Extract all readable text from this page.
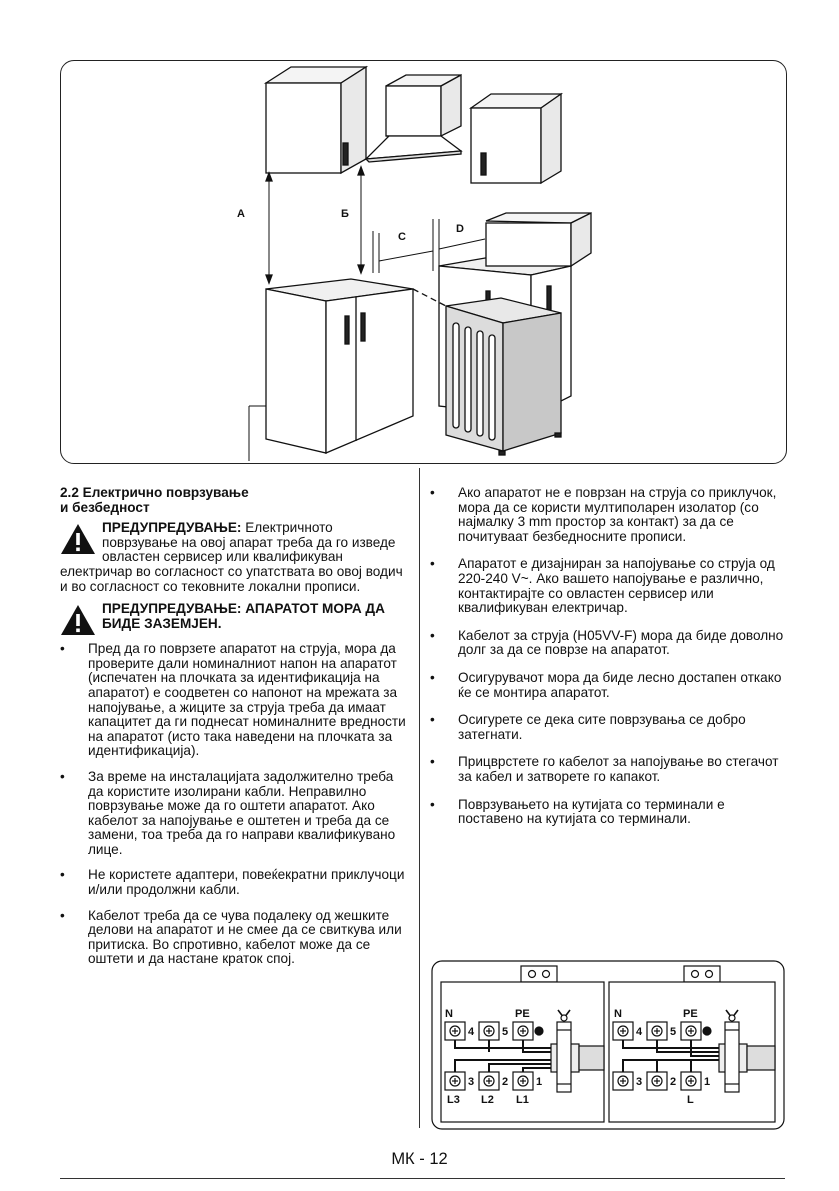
A	Б
C
D
2.2 Електрично поврзување
и безбедност
ПРЕДУПРЕДУВАЊЕ: Електричното поврзување на овој апарат треба да го изведе овластен сервисер или квалификуван електричар во согласност со упатствата во овој водич и во согласност со тековните локални прописи.
ПРЕДУПРЕДУВАЊЕ: АПАРАТОТ МОРА ДА БИДЕ ЗАЗЕМЈЕН.
• Пред да го поврзете апаратот на струја, мора да проверите дали номиналниот напон на апаратот (испечатен на плочката за идентификација на апаратот) е соодветен со напонот на мрежата за напојување, а жиците за струја треба да имаат капацитет да ги поднесат номиналните вредности на апаратот (исто така наведени на плочката за идентификација).
• За време на инсталацијата задолжително треба да користите изолирани кабли. Неправилно поврзување може да го оштети апаратот. Ако кабелот за напојување е оштетен и треба да се замени, тоа треба да го направи квалификувано лице.
• Не користете адаптери, повеќекратни приклучоци и/или продолжни кабли.
• Кабелот треба да се чува подалеку од жешките делови на апаратот и не смее да се свиткува или притиска. Во спротивно, кабелот може да се оштети и да настане краток спој.
• Ако апаратот не е поврзан на струја со приклучок, мора да се користи мултиполарен изолатор (со најмалку 3 mm простор за контакт) за да се почитуваат безбедносните прописи.
• Апаратот е дизајниран за напојување со струја од 220-240 V~. Ако вашето напојување е различно, контактирајте со овластен сервисер или квалификуван електричар.
• Кабелот за струја (H05VV-F) мора да биде доволно долг за да се поврзе на апаратот.
• Осигурувачот мора да биде лесно достапен откако ќе се монтира апаратот.
• Осигурете се дека сите поврзувања се добро затегнати.
• Прицврстете го кабелот за напојување во стегачот за кабел и затворете го капакот.
• Поврзувањето на кутијата со терминали е поставено на кутијата со терминали.
N	PE
4	5
3	2	1
L3 L2 L1
N	PE
4	5
3	2	1
L
МК - 12
